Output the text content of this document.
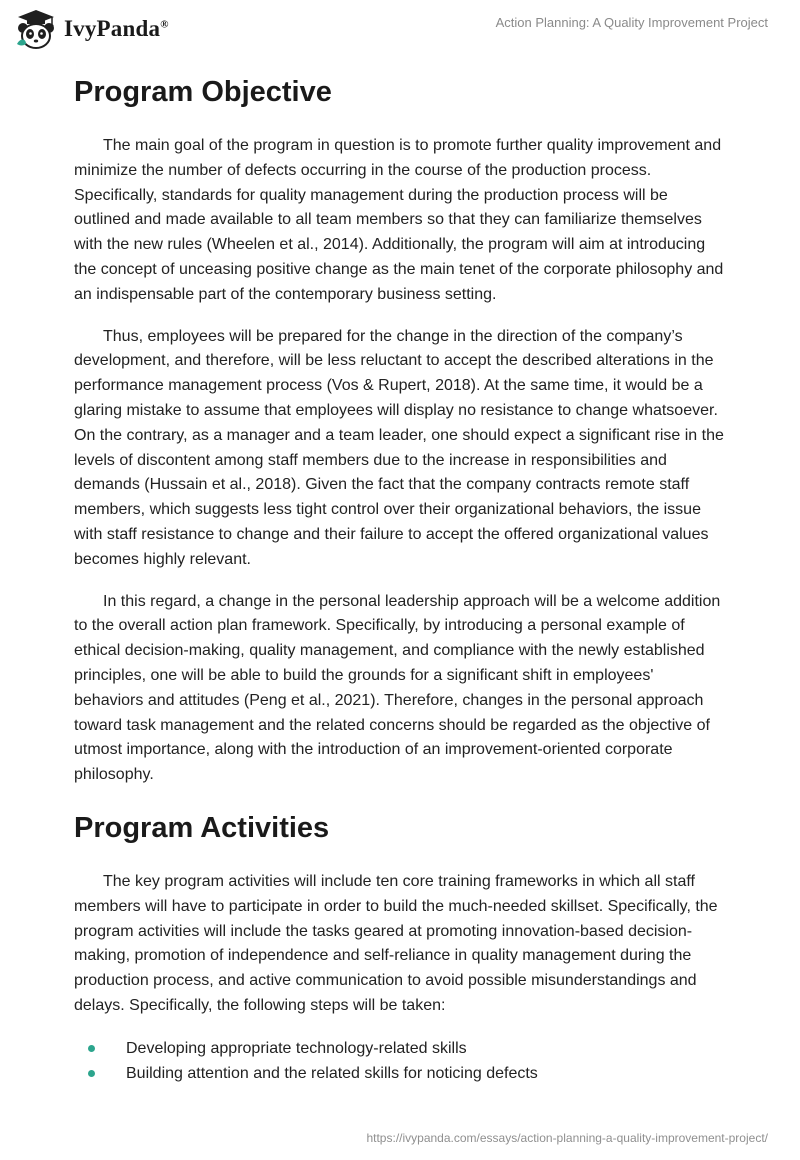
IvyPanda®	Action Planning: A Quality Improvement Project
Program Objective

The main goal of the program in question is to promote further quality improvement and minimize the number of defects occurring in the course of the production process. Specifically, standards for quality management during the production process will be outlined and made available to all team members so that they can familiarize themselves with the new rules (Wheelen et al., 2014). Additionally, the program will aim at introducing the concept of unceasing positive change as the main tenet of the corporate philosophy and an indispensable part of the contemporary business setting.

Thus, employees will be prepared for the change in the direction of the company’s development, and therefore, will be less reluctant to accept the described alterations in the performance management process (Vos & Rupert, 2018). At the same time, it would be a glaring mistake to assume that employees will display no resistance to change whatsoever. On the contrary, as a manager and a team leader, one should expect a significant rise in the levels of discontent among staff members due to the increase in responsibilities and demands (Hussain et al., 2018). Given the fact that the company contracts remote staff members, which suggests less tight control over their organizational behaviors, the issue with staff resistance to change and their failure to accept the offered organizational values becomes highly relevant.

In this regard, a change in the personal leadership approach will be a welcome addition to the overall action plan framework. Specifically, by introducing a personal example of ethical decision-making, quality management, and compliance with the newly established principles, one will be able to build the grounds for a significant shift in employees' behaviors and attitudes (Peng et al., 2021). Therefore, changes in the personal approach toward task management and the related concerns should be regarded as the objective of utmost importance, along with the introduction of an improvement-oriented corporate philosophy.

Program Activities

The key program activities will include ten core training frameworks in which all staff members will have to participate in order to build the much-needed skillset. Specifically, the program activities will include the tasks geared at promoting innovation-based decision-making, promotion of independence and self-reliance in quality management during the production process, and active communication to avoid possible misunderstandings and delays. Specifically, the following steps will be taken:

Developing appropriate technology-related skills
Building attention and the related skills for noticing defects
https://ivypanda.com/essays/action-planning-a-quality-improvement-project/
